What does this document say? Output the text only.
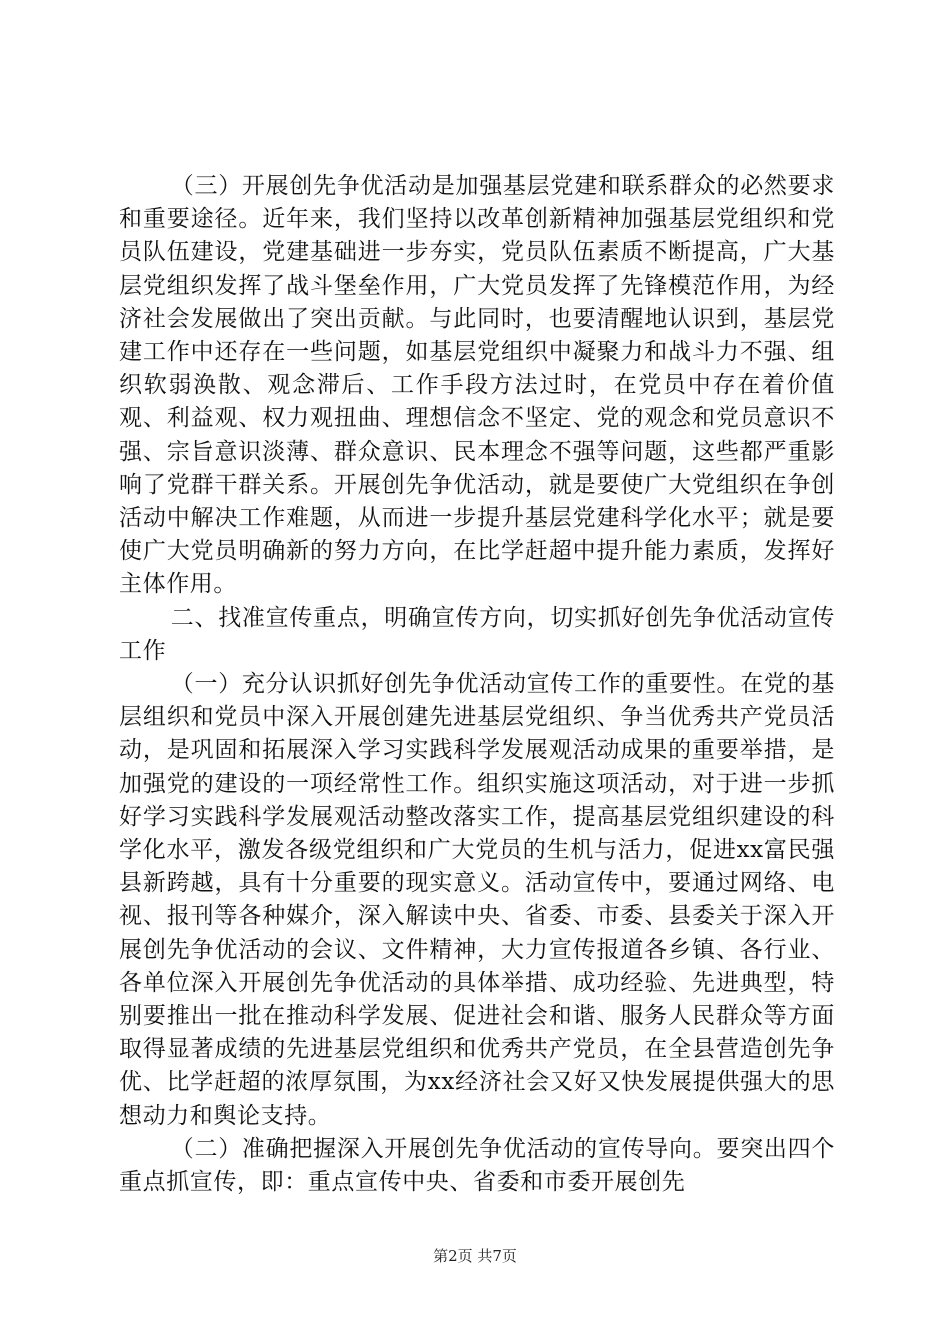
（三）开展创先争优活动是加强基层党建和联系群众的必然要求和重要途径。近年来，我们坚持以改革创新精神加强基层党组织和党员队伍建设，党建基础进一步夯实，党员队伍素质不断提高，广大基层党组织发挥了战斗堡垒作用，广大党员发挥了先锋模范作用，为经济社会发展做出了突出贡献。与此同时，也要清醒地认识到，基层党建工作中还存在一些问题，如基层党组织中凝聚力和战斗力不强、组织软弱涣散、观念滞后、工作手段方法过时，在党员中存在着价值观、利益观、权力观扭曲、理想信念不坚定、党的观念和党员意识不强、宗旨意识淡薄、群众意识、民本理念不强等问题，这些都严重影响了党群干群关系。开展创先争优活动，就是要使广大党组织在争创活动中解决工作难题，从而进一步提升基层党建科学化水平；就是要使广大党员明确新的努力方向，在比学赶超中提升能力素质，发挥好主体作用。

二、找准宣传重点，明确宣传方向，切实抓好创先争优活动宣传工作

（一）充分认识抓好创先争优活动宣传工作的重要性。在党的基层组织和党员中深入开展创建先进基层党组织、争当优秀共产党员活动，是巩固和拓展深入学习实践科学发展观活动成果的重要举措，是加强党的建设的一项经常性工作。组织实施这项活动，对于进一步抓好学习实践科学发展观活动整改落实工作，提高基层党组织建设的科学化水平，激发各级党组织和广大党员的生机与活力，促进xx富民强县新跨越，具有十分重要的现实意义。活动宣传中，要通过网络、电视、报刊等各种媒介，深入解读中央、省委、市委、县委关于深入开展创先争优活动的会议、文件精神，大力宣传报道各乡镇、各行业、各单位深入开展创先争优活动的具体举措、成功经验、先进典型，特别要推出一批在推动科学发展、促进社会和谐、服务人民群众等方面取得显著成绩的先进基层党组织和优秀共产党员，在全县营造创先争优、比学赶超的浓厚氛围，为xx经济社会又好又快发展提供强大的思想动力和舆论支持。

（二）准确把握深入开展创先争优活动的宣传导向。要突出四个重点抓宣传，即：重点宣传中央、省委和市委开展创先

第2页 共7页
